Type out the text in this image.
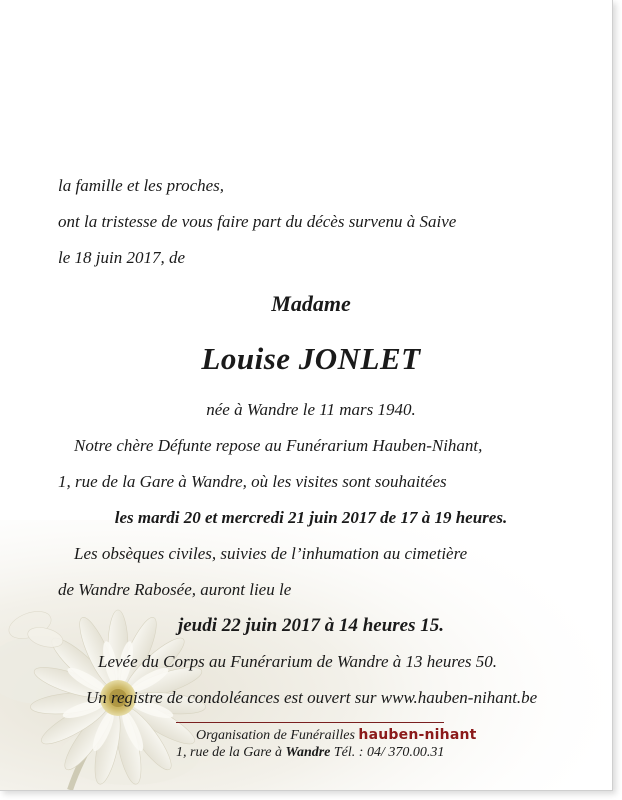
la famille et les proches,
ont la tristesse de vous faire part du décès survenu à Saive
le 18 juin 2017, de
Madame
Louise JONLET
née à Wandre le 11 mars 1940.
Notre chère Défunte repose au Funérarium Hauben-Nihant,
1, rue de la Gare à Wandre, où les visites sont souhaitées
les mardi 20 et mercredi 21 juin 2017 de 17 à 19 heures.
Les obsèques civiles, suivies de l’inhumation au cimetière
de Wandre Rabosée, auront lieu le
jeudi 22 juin 2017 à 14 heures 15.
Levée du Corps au Funérarium de Wandre à 13 heures 50.
Un registre de condoléances est ouvert sur www.hauben-nihant.be
Organisation de Funérailles hauben-nihant
1, rue de la Gare à Wandre Tél. : 04/ 370.00.31
